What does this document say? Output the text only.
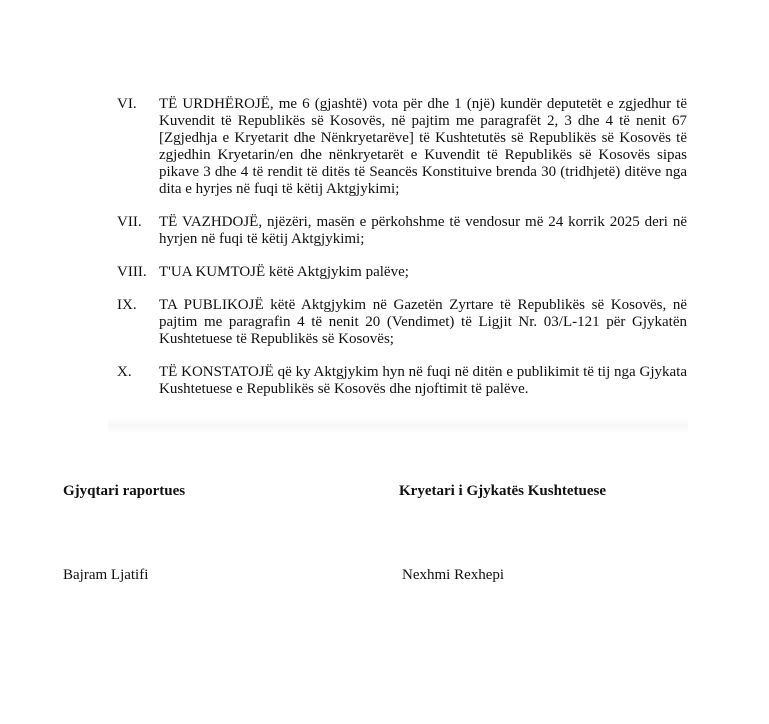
VI. TË URDHËROJË, me 6 (gjashtë) vota për dhe 1 (një) kundër deputetët e zgjedhur të Kuvendit të Republikës së Kosovës, në pajtim me paragrafët 2, 3 dhe 4 të nenit 67 [Zgjedhja e Kryetarit dhe Nënkryetarëve] të Kushtetutës së Republikës së Kosovës të zgjedhin Kryetarin/en dhe nënkryetarët e Kuvendit të Republikës së Kosovës sipas pikave 3 dhe 4 të rendit të ditës të Seancës Konstituive brenda 30 (tridhjetë) ditëve nga dita e hyrjes në fuqi të këtij Aktgjykimi;
VII. TË VAZHDOJË, njëzëri, masën e përkohshme të vendosur më 24 korrik 2025 deri në hyrjen në fuqi të këtij Aktgjykimi;
VIII. T'UA KUMTOJË këtë Aktgjykim palëve;
IX. TA PUBLIKOJË këtë Aktgjykim në Gazetën Zyrtare të Republikës së Kosovës, në pajtim me paragrafin 4 të nenit 20 (Vendimet) të Ligjit Nr. 03/L-121 për Gjykatën Kushtetuese të Republikës së Kosovës;
X. TË KONSTATOJË që ky Aktgjykim hyn në fuqi në ditën e publikimit të tij nga Gjykata Kushtetuese e Republikës së Kosovës dhe njoftimit të palëve.
Gjyqtari raportues	Kryetari i Gjykatës Kushtetuese
Bajram Ljatifi	Nexhmi Rexhepi
